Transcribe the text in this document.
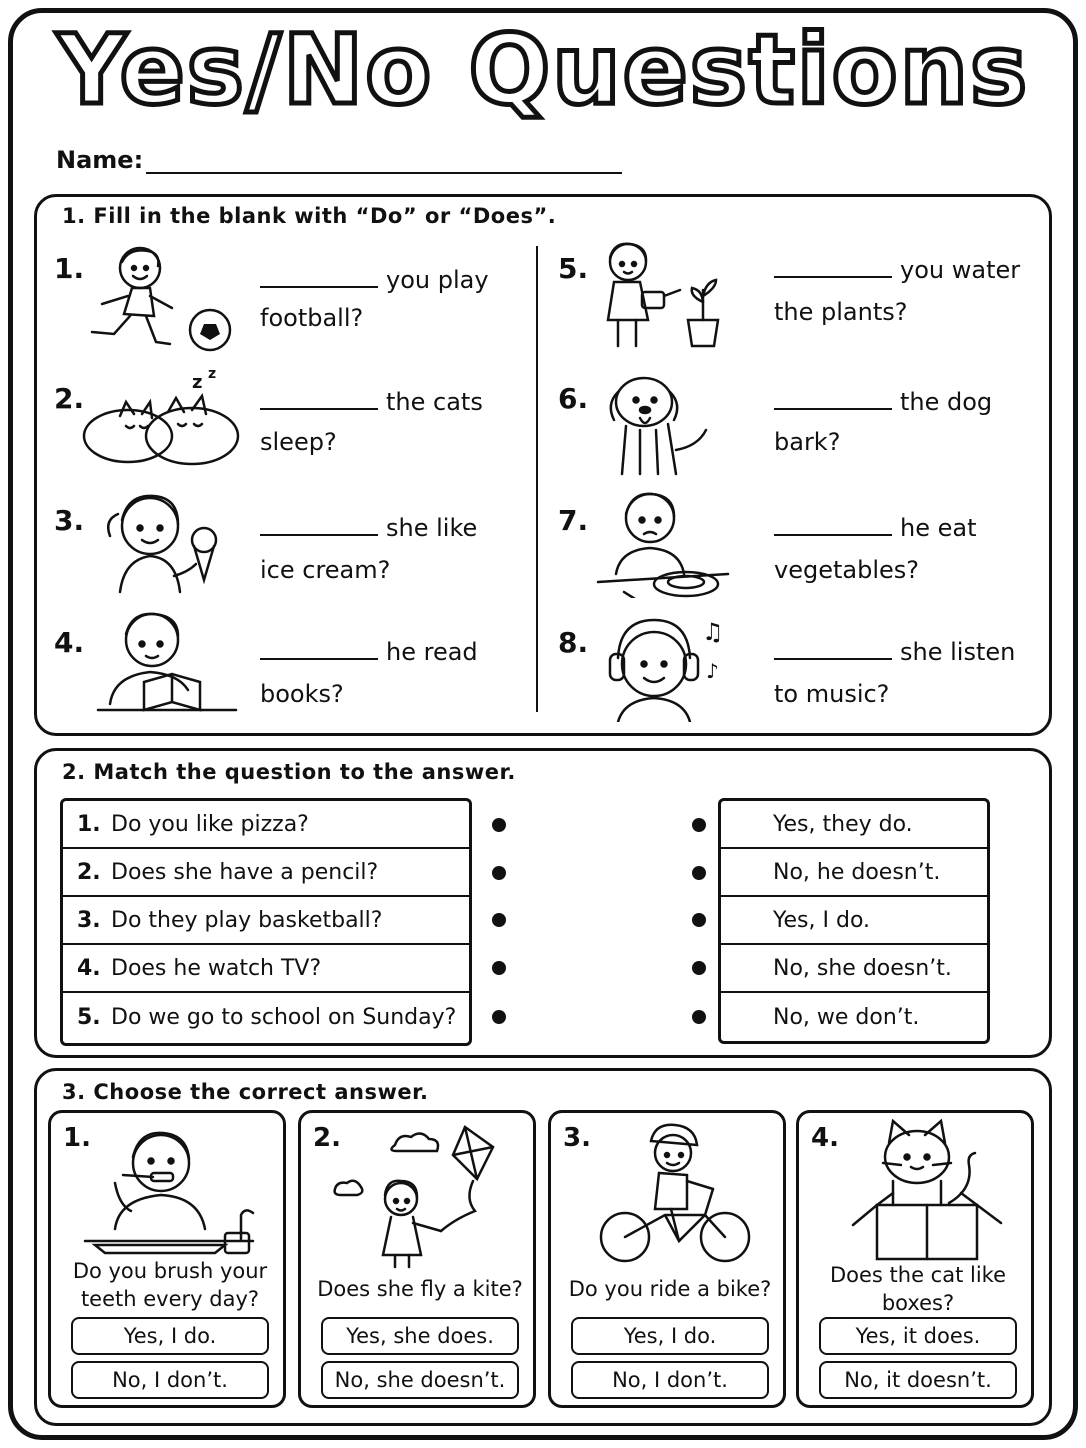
Yes/No Questions
Name:
1. Fill in the blank with “Do” or “Does”.
1.	you play
football?
2.	z z
the cats
sleep?
3.	she like
ice cream?
4.	he read
books?
5.	you water
the plants?
6.	the dog
bark?
7.	he eat
vegetables?
8.	♫
♪
she listen
to music?
2. Match the question to the answer.
1. Do you like pizza?
2. Does she have a pencil?
3. Do they play basketball?
4. Does he watch TV?
5. Do we go to school on Sunday?
Yes, they do.
No, he doesn’t.
Yes, I do.
No, she doesn’t.
No, we don’t.
3. Choose the correct answer.
1.
Do you brush your
teeth every day?
Yes, I do.
No, I don’t.
2.
Does she fly a kite?
Yes, she does.
No, she doesn’t.
3.
Do you ride a bike?
Yes, I do.
No, I don’t.
4.
Does the cat like
boxes?
Yes, it does.
No, it doesn’t.
